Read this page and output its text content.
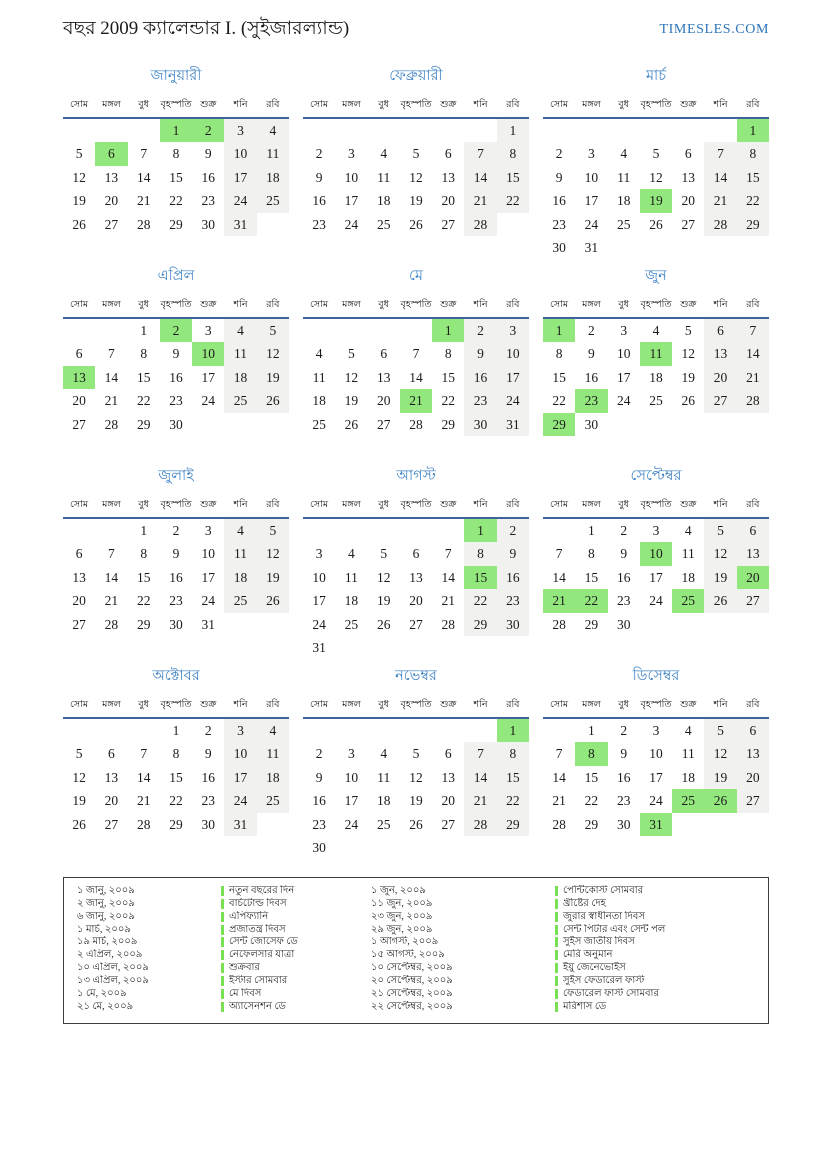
বছর 2009 ক্যালেন্ডার I. (সুইজারল্যান্ড)	TIMESLES.COM
জানুয়ারী
সোম	মঙ্গল	বুধ	বৃহস্পতি	শুক্র	শনি	রবি
			1	2	3	4
5	6	7	8	9	10	11
12	13	14	15	16	17	18
19	20	21	22	23	24	25
26	27	28	29	30	31	
ফেব্রুয়ারী
সোম	মঙ্গল	বুধ	বৃহস্পতি	শুক্র	শনি	রবি
						1
2	3	4	5	6	7	8
9	10	11	12	13	14	15
16	17	18	19	20	21	22
23	24	25	26	27	28	
মার্চ
সোম	মঙ্গল	বুধ	বৃহস্পতি	শুক্র	শনি	রবি
						1
2	3	4	5	6	7	8
9	10	11	12	13	14	15
16	17	18	19	20	21	22
23	24	25	26	27	28	29
30	31					
এপ্রিল
সোম	মঙ্গল	বুধ	বৃহস্পতি	শুক্র	শনি	রবি
		1	2	3	4	5
6	7	8	9	10	11	12
13	14	15	16	17	18	19
20	21	22	23	24	25	26
27	28	29	30			
মে
সোম	মঙ্গল	বুধ	বৃহস্পতি	শুক্র	শনি	রবি
				1	2	3
4	5	6	7	8	9	10
11	12	13	14	15	16	17
18	19	20	21	22	23	24
25	26	27	28	29	30	31
জুন
সোম	মঙ্গল	বুধ	বৃহস্পতি	শুক্র	শনি	রবি
1	2	3	4	5	6	7
8	9	10	11	12	13	14
15	16	17	18	19	20	21
22	23	24	25	26	27	28
29	30					
জুলাই
সোম	মঙ্গল	বুধ	বৃহস্পতি	শুক্র	শনি	রবি
		1	2	3	4	5
6	7	8	9	10	11	12
13	14	15	16	17	18	19
20	21	22	23	24	25	26
27	28	29	30	31		
আগস্ট
সোম	মঙ্গল	বুধ	বৃহস্পতি	শুক্র	শনি	রবি
					1	2
3	4	5	6	7	8	9
10	11	12	13	14	15	16
17	18	19	20	21	22	23
24	25	26	27	28	29	30
31						
সেপ্টেম্বর
সোম	মঙ্গল	বুধ	বৃহস্পতি	শুক্র	শনি	রবি
	1	2	3	4	5	6
7	8	9	10	11	12	13
14	15	16	17	18	19	20
21	22	23	24	25	26	27
28	29	30				
অক্টোবর
সোম	মঙ্গল	বুধ	বৃহস্পতি	শুক্র	শনি	রবি
			1	2	3	4
5	6	7	8	9	10	11
12	13	14	15	16	17	18
19	20	21	22	23	24	25
26	27	28	29	30	31	
নভেম্বর
সোম	মঙ্গল	বুধ	বৃহস্পতি	শুক্র	শনি	রবি
						1
2	3	4	5	6	7	8
9	10	11	12	13	14	15
16	17	18	19	20	21	22
23	24	25	26	27	28	29
30						
ডিসেম্বর
সোম	মঙ্গল	বুধ	বৃহস্পতি	শুক্র	শনি	রবি
	1	2	3	4	5	6
7	8	9	10	11	12	13
14	15	16	17	18	19	20
21	22	23	24	25	26	27
28	29	30	31			
১ জানু, ২০০৯	নতুন বছরের দিন	১ জুন, ২০০৯	পেন্টিকোস্ট সোমবার
২ জানু, ২০০৯	বার্চটোল্ড দিবস	১১ জুন, ২০০৯	খ্রীষ্টের দেহ
৬ জানু, ২০০৯	এপিফ্যানি	২৩ জুন, ২০০৯	জুরার স্বাধীনতা দিবস
১ মার্চ, ২০০৯	প্রজাতন্ত্র দিবস	২৯ জুন, ২০০৯	সেন্ট পিটার এবং সেন্ট পল
১৯ মার্চ, ২০০৯	সেন্ট জোসেফ ডে	১ আগস্ট, ২০০৯	সুইস জাতীয় দিবস
২ এপ্রিল, ২০০৯	নেফেলসার যাত্রা	১৫ আগস্ট, ২০০৯	মেরি অনুমান
১০ এপ্রিল, ২০০৯	শুক্রবার	১০ সেপ্টেম্বর, ২০০৯	ইয়ু জেনেভোইস
১৩ এপ্রিল, ২০০৯	ইস্টার সোমবার	২০ সেপ্টেম্বর, ২০০৯	সুইস ফেডারেল ফাস্ট
১ মে, ২০০৯	মে দিবস	২১ সেপ্টেম্বর, ২০০৯	ফেডারেল ফাস্ট সোমবার
২১ মে, ২০০৯	অ্যাসেনশন ডে	২২ সেপ্টেম্বর, ২০০৯	মরিশাস ডে
